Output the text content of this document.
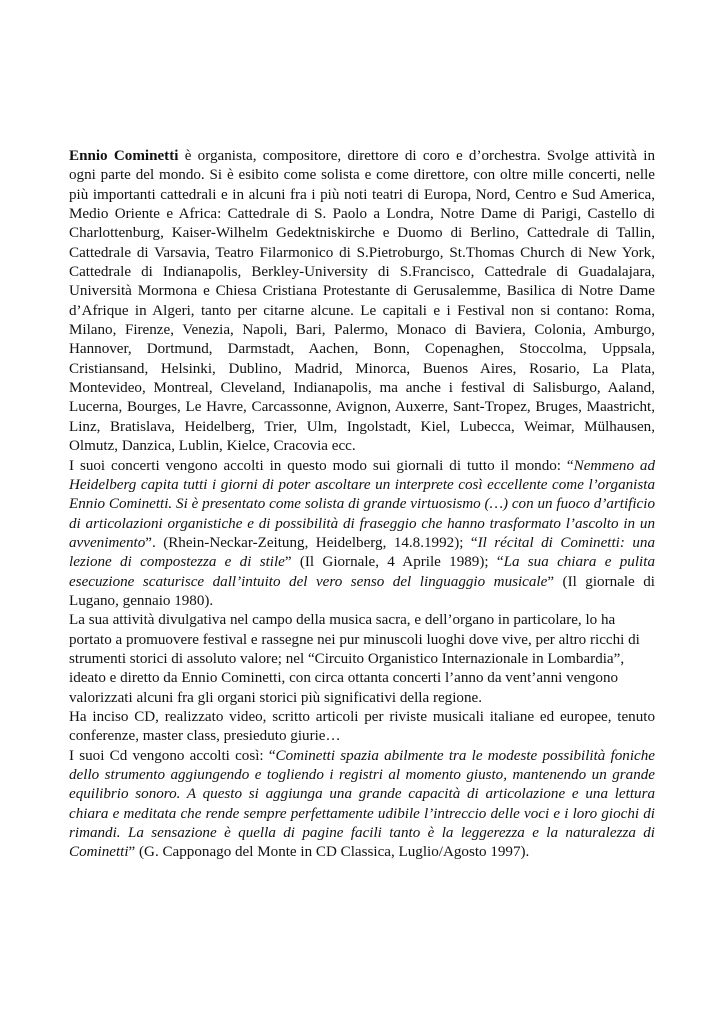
Ennio Cominetti è organista, compositore, direttore di coro e d’orchestra. Svolge attività in ogni parte del mondo. Si è esibito come solista e come direttore, con oltre mille concerti, nelle più importanti cattedrali e in alcuni fra i più noti teatri di Europa, Nord, Centro e Sud America, Medio Oriente e Africa: Cattedrale di S. Paolo a Londra, Notre Dame di Parigi, Castello di Charlottenburg, Kaiser-Wilhelm Gedektniskirche e Duomo di Berlino, Cattedrale di Tallin, Cattedrale di Varsavia, Teatro Filarmonico di S.Pietroburgo, St.Thomas Church di New York, Cattedrale di Indianapolis, Berkley-University di S.Francisco, Cattedrale di Guadalajara, Università Mormona e Chiesa Cristiana Protestante di Gerusalemme, Basilica di Notre Dame d’Afrique in Algeri, tanto per citarne alcune. Le capitali e i Festival non si contano: Roma, Milano, Firenze, Venezia, Napoli, Bari, Palermo, Monaco di Baviera, Colonia, Amburgo, Hannover, Dortmund, Darmstadt, Aachen, Bonn, Copenaghen, Stoccolma, Uppsala, Cristiansand, Helsinki, Dublino, Madrid, Minorca, Buenos Aires, Rosario, La Plata, Montevideo, Montreal, Cleveland, Indianapolis, ma anche i festival di Salisburgo, Aaland, Lucerna, Bourges, Le Havre, Carcassonne, Avignon, Auxerre, Sant-Tropez, Bruges, Maastricht, Linz, Bratislava, Heidelberg, Trier, Ulm, Ingolstadt, Kiel, Lubecca, Weimar, Mülhausen, Olmutz, Danzica, Lublin, Kielce, Cracovia ecc.

I suoi concerti vengono accolti in questo modo sui giornali di tutto il mondo: “Nemmeno ad Heidelberg capita tutti i giorni di poter ascoltare un interprete così eccellente come l’organista Ennio Cominetti. Si è presentato come solista di grande virtuosismo (…) con un fuoco d’artificio di articolazioni organistiche e di possibilità di fraseggio che hanno trasformato l’ascolto in un avvenimento”. (Rhein-Neckar-Zeitung, Heidelberg, 14.8.1992); “Il récital di Cominetti: una lezione di compostezza e di stile” (Il Giornale, 4 Aprile 1989); “La sua chiara e pulita esecuzione scaturisce dall’intuito del vero senso del linguaggio musicale” (Il giornale di Lugano, gennaio 1980).

La sua attività divulgativa nel campo della musica sacra, e dell’organo in particolare, lo ha portato a promuovere festival e rassegne nei pur minuscoli luoghi dove vive, per altro ricchi di strumenti storici di assoluto valore; nel “Circuito Organistico Internazionale in Lombardia”, ideato e diretto da Ennio Cominetti, con circa ottanta concerti l’anno da vent’anni vengono valorizzati alcuni fra gli organi storici più significativi della regione.

Ha inciso CD, realizzato video, scritto articoli per riviste musicali italiane ed europee, tenuto conferenze, master class, presieduto giurie…

I suoi Cd vengono accolti così: “Cominetti spazia abilmente tra le modeste possibilità foniche dello strumento aggiungendo e togliendo i registri al momento giusto, mantenendo un grande equilibrio sonoro. A questo si aggiunga una grande capacità di articolazione e una lettura chiara e meditata che rende sempre perfettamente udibile l’intreccio delle voci e i loro giochi di rimandi. La sensazione è quella di pagine facili tanto è la leggerezza e la naturalezza di Cominetti” (G. Capponago del Monte in CD Classica, Luglio/Agosto 1997).
